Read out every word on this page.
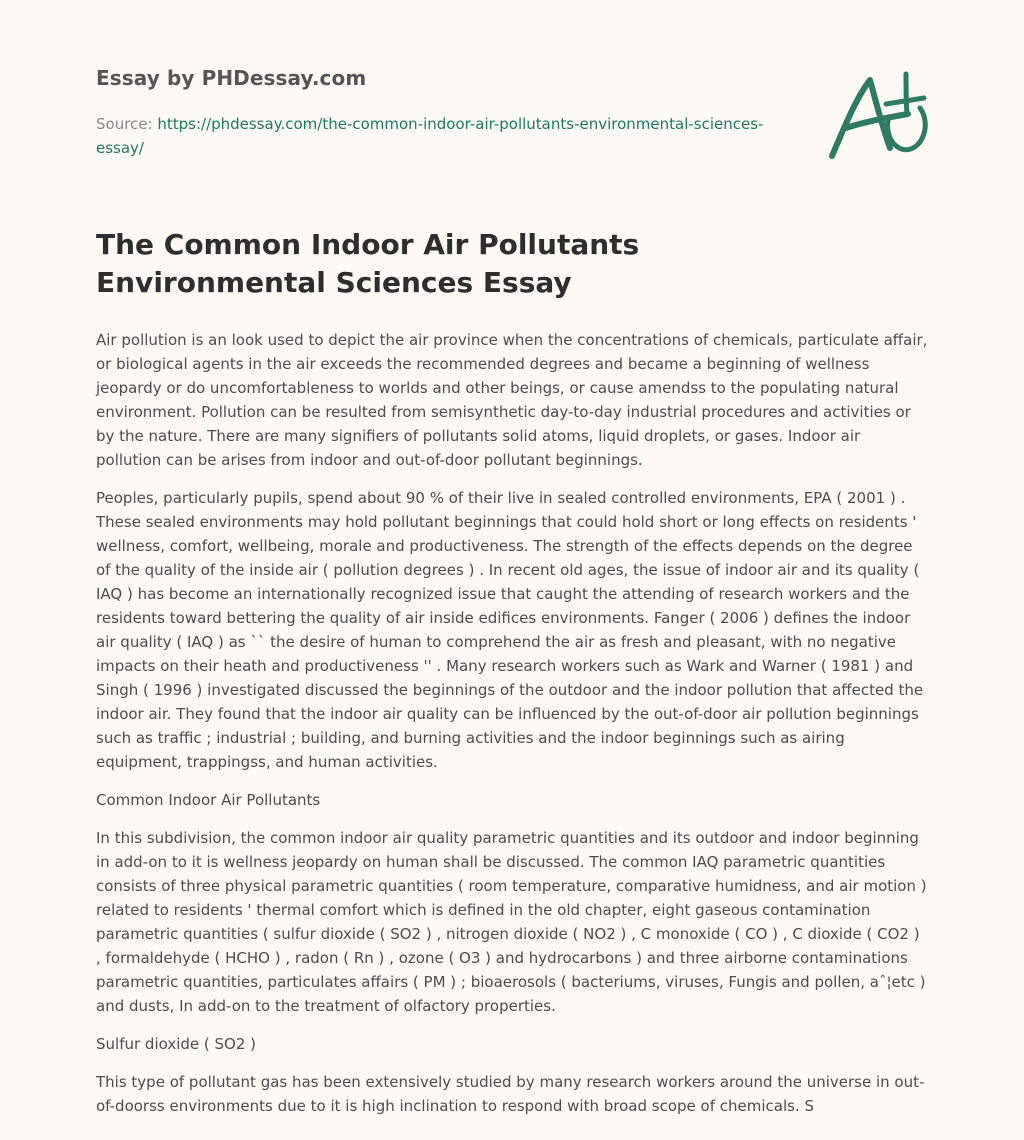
Essay by PHDessay.com
Source: https://phdessay.com/the-common-indoor-air-pollutants-environmental-sciences-essay/
The Common Indoor Air Pollutants Environmental Sciences Essay

Air pollution is an look used to depict the air province when the concentrations of chemicals, particulate affair, or biological agents in the air exceeds the recommended degrees and became a beginning of wellness jeopardy or do uncomfortableness to worlds and other beings, or cause amendss to the populating natural environment. Pollution can be resulted from semisynthetic day-to-day industrial procedures and activities or by the nature. There are many signifiers of pollutants solid atoms, liquid droplets, or gases. Indoor air pollution can be arises from indoor and out-of-door pollutant beginnings.

Peoples, particularly pupils, spend about 90 % of their live in sealed controlled environments, EPA ( 2001 ) . These sealed environments may hold pollutant beginnings that could hold short or long effects on residents ' wellness, comfort, wellbeing, morale and productiveness. The strength of the effects depends on the degree of the quality of the inside air ( pollution degrees ) . In recent old ages, the issue of indoor air and its quality ( IAQ ) has become an internationally recognized issue that caught the attending of research workers and the residents toward bettering the quality of air inside edifices environments. Fanger ( 2006 ) defines the indoor air quality ( IAQ ) as `` the desire of human to comprehend the air as fresh and pleasant, with no negative impacts on their heath and productiveness '' . Many research workers such as Wark and Warner ( 1981 ) and Singh ( 1996 ) investigated discussed the beginnings of the outdoor and the indoor pollution that affected the indoor air. They found that the indoor air quality can be influenced by the out-of-door air pollution beginnings such as traffic ; industrial ; building, and burning activities and the indoor beginnings such as airing equipment, trappingss, and human activities.

Common Indoor Air Pollutants

In this subdivision, the common indoor air quality parametric quantities and its outdoor and indoor beginning in add-on to it is wellness jeopardy on human shall be discussed. The common IAQ parametric quantities consists of three physical parametric quantities ( room temperature, comparative humidness, and air motion ) related to residents ' thermal comfort which is defined in the old chapter, eight gaseous contamination parametric quantities ( sulfur dioxide ( SO2 ) , nitrogen dioxide ( NO2 ) , C monoxide ( CO ) , C dioxide ( CO2 ) , formaldehyde ( HCHO ) , radon ( Rn ) , ozone ( O3 ) and hydrocarbons ) and three airborne contaminations parametric quantities, particulates affairs ( PM ) ; bioaerosols ( bacteriums, viruses, Fungis and pollen, aˆ¦etc ) and dusts, In add-on to the treatment of olfactory properties.

Sulfur dioxide ( SO2 )

This type of pollutant gas has been extensively studied by many research workers around the universe in out-of-doorss environments due to it is high inclination to respond with broad scope of chemicals. S
